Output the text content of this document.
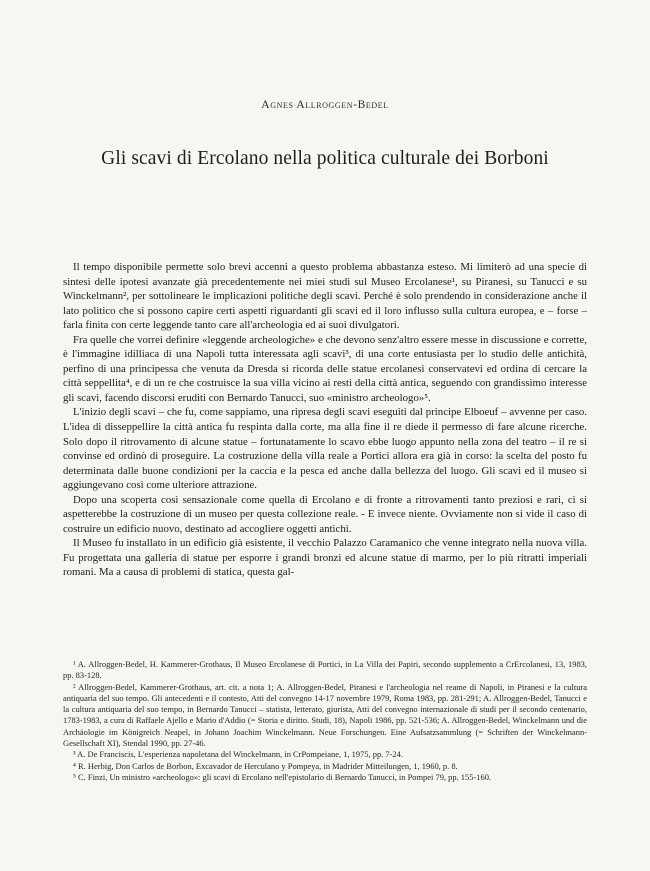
Agnes Allroggen-Bedel
Gli scavi di Ercolano nella politica culturale dei Borboni

Il tempo disponibile permette solo brevi accenni a questo problema abbastanza esteso. Mi limiterò ad una specie di sintesi delle ipotesi avanzate già precedentemente nei miei studi sul Museo Ercolanese¹, su Piranesi, su Tanucci e su Winckelmann², per sottolineare le implicazioni politiche degli scavi. Perché è solo prendendo in considerazione anche il lato politico che si possono capire certi aspetti riguardanti gli scavi ed il loro influsso sulla cultura europea, e – forse – farla finita con certe leggende tanto care all'archeologia ed ai suoi divulgatori.

Fra quelle che vorrei definire «leggende archeologiche» e che devono senz'altro essere messe in discussione e corrette, è l'immagine idilliaca di una Napoli tutta interessata agli scavi³, di una corte entusiasta per lo studio delle antichità, perfino di una principessa che venuta da Dresda si ricorda delle statue ercolanesi conservatevi ed ordina di cercare la città seppellita⁴, e di un re che costruisce la sua villa vicino ai resti della città antica, seguendo con grandissimo interesse gli scavi, facendo discorsi eruditi con Bernardo Tanucci, suo «ministro archeologo»⁵.

L'inizio degli scavi – che fu, come sappiamo, una ripresa degli scavi eseguiti dal principe Elboeuf – avvenne per caso. L'idea di disseppellire la città antica fu respinta dalla corte, ma alla fine il re diede il permesso di fare alcune ricerche. Solo dopo il ritrovamento di alcune statue – fortunatamente lo scavo ebbe luogo appunto nella zona del teatro – il re si convinse ed ordinò di proseguire. La costruzione della villa reale a Portici allora era già in corso: la scelta del posto fu determinata dalle buone condizioni per la caccia e la pesca ed anche dalla bellezza del luogo. Gli scavi ed il museo si aggiungevano così come ulteriore attrazione.

Dopo una scoperta così sensazionale come quella di Ercolano e di fronte a ritrovamenti tanto preziosi e rari, ci si aspetterebbe la costruzione di un museo per questa collezione reale. - E invece niente. Ovviamente non si vide il caso di costruire un edificio nuovo, destinato ad accogliere oggetti antichi.

Il Museo fu installato in un edificio già esistente, il vecchio Palazzo Caramanico che venne integrato nella nuova villa. Fu progettata una galleria di statue per esporre i grandi bronzi ed alcune statue di marmo, per lo più ritratti imperiali romani. Ma a causa di problemi di statica, questa gal-

¹ A. Allroggen-Bedel, H. Kammerer-Grothaus, Il Museo Ercolanese di Portici, in La Villa dei Papiri, secondo supplemento a CrErcolanesi, 13, 1983, pp. 83-128.

² Allroggen-Bedel, Kammerer-Grothaus, art. cit. a nota 1; A. Allroggen-Bedel, Piranesi e l'archeologia nel reame di Napoli, in Piranesi e la cultura antiquaria del suo tempo. Gli antecedenti e il contesto, Atti del convegno 14-17 novembre 1979, Roma 1983, pp. 281-291; A. Allroggen-Bedel, Tanucci e la cultura antiquaria del suo tempo, in Bernardo Tanucci – statista, letterato, giurista, Atti del convegno internazionale di studi per il secondo centenario, 1783-1983, a cura di Raffaele Ajello e Mario d'Addio (= Storia e diritto. Studi, 18), Napoli 1986, pp. 521-536; A. Allroggen-Bedel, Winckelmann und die Archäologie im Königreich Neapel, in Johann Joachim Winckelmann. Neue Forschungen. Eine Aufsatzsammlung (= Schriften der Winckelmann-Gesellschaft XI), Stendal 1990, pp. 27-46.

³ A. De Franciscis, L'esperienza napoletana del Winckelmann, in CrPompeiane, 1, 1975, pp. 7-24.

⁴ R. Herbig, Don Carlos de Borbon, Excavador de Herculano y Pompeya, in Madrider Mitteilungen, 1, 1960, p. 8.

⁵ C. Finzi, Un ministro «archeologo»: gli scavi di Ercolano nell'epistolario di Bernardo Tanucci, in Pompei 79, pp. 155-160.
